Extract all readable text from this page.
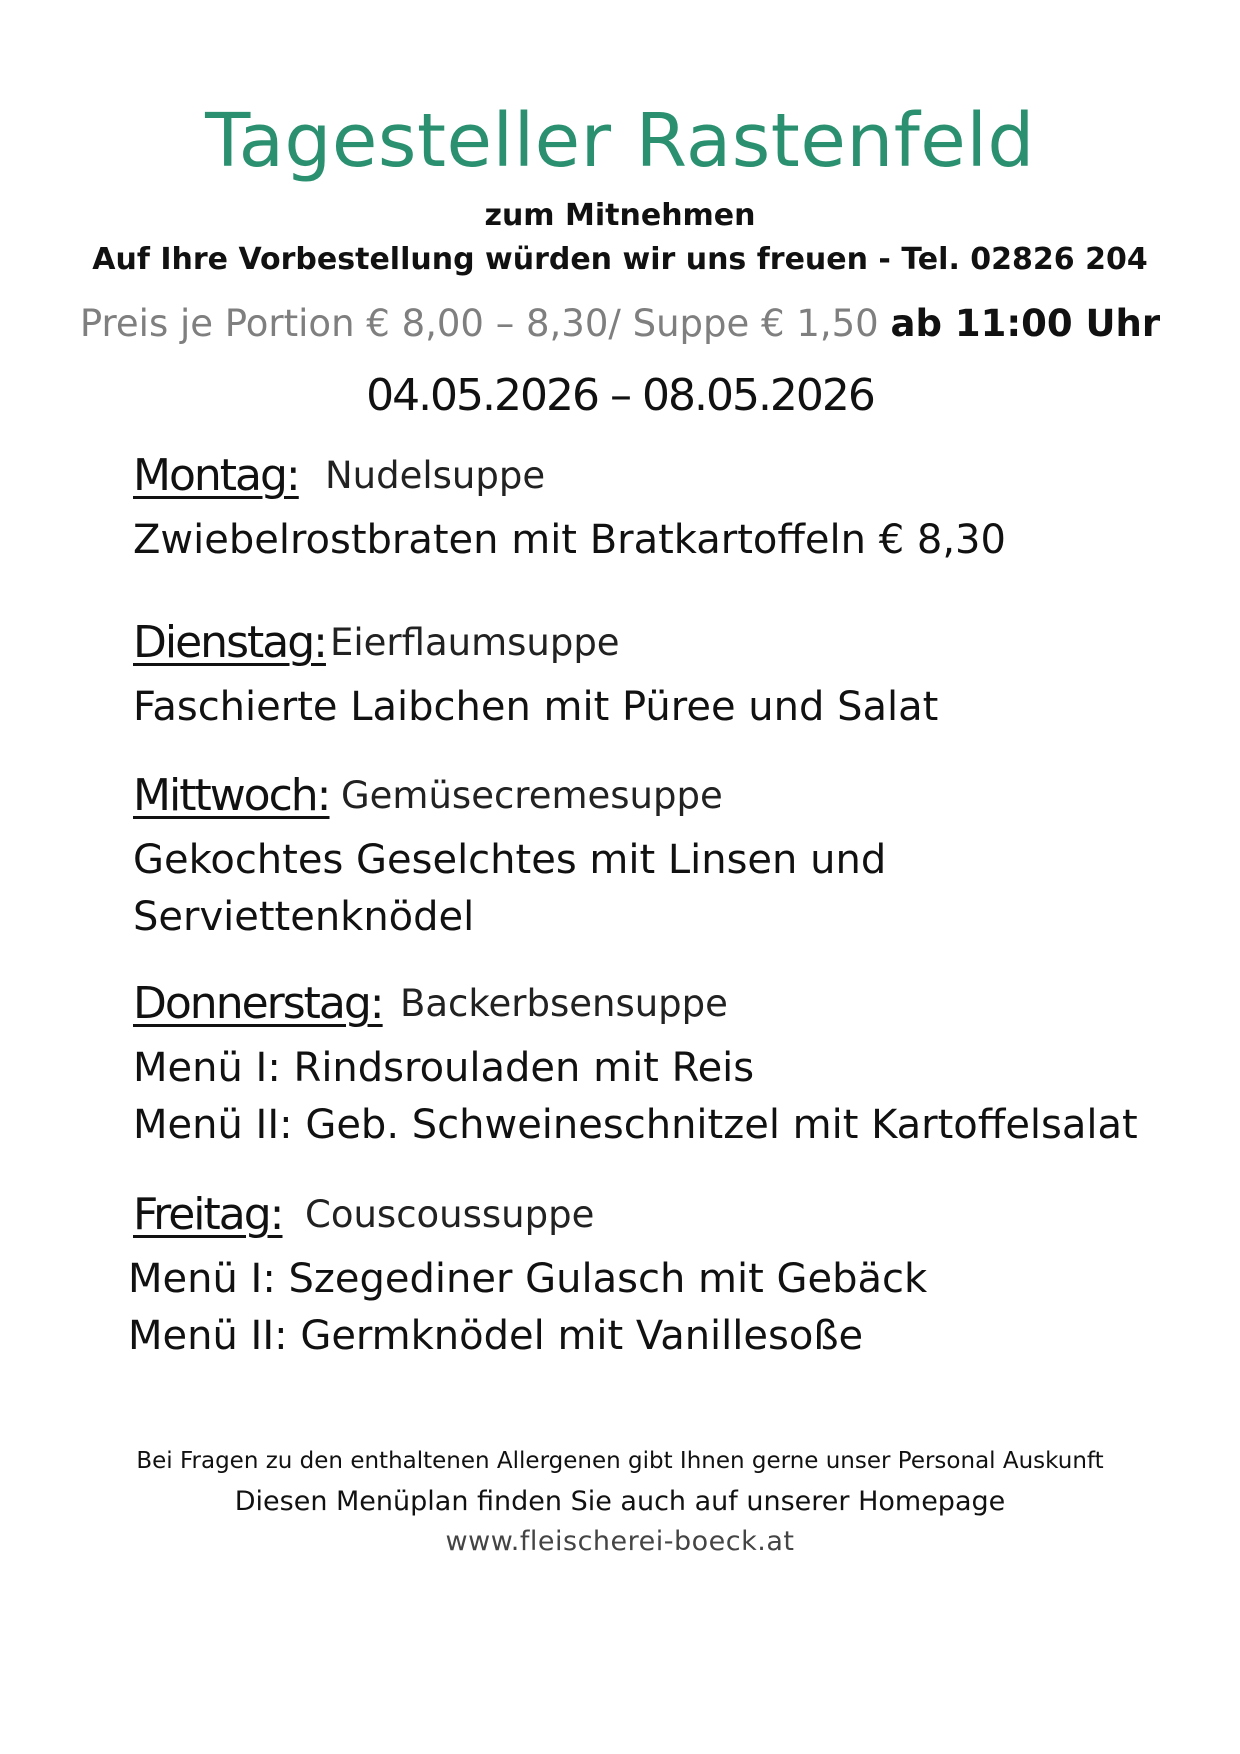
Tagesteller Rastenfeld
zum Mitnehmen
Auf Ihre Vorbestellung würden wir uns freuen - Tel. 02826 204
Preis je Portion € 8,00 – 8,30/ Suppe € 1,50 ab 11:00 Uhr
04.05.2026 – 08.05.2026
Montag: Nudelsuppe
Zwiebelrostbraten mit Bratkartoffeln € 8,30
Dienstag: Eierflaumsuppe
Faschierte Laibchen mit Püree und Salat
Mittwoch: Gemüsecremesuppe
Gekochtes Geselchtes mit Linsen und
Serviettenknödel
Donnerstag: Backerbsensuppe
Menü I: Rindsrouladen mit Reis
Menü II: Geb. Schweineschnitzel mit Kartoffelsalat
Freitag: Couscoussuppe
Menü I: Szegediner Gulasch mit Gebäck
Menü II: Germknödel mit Vanillesoße
Bei Fragen zu den enthaltenen Allergenen gibt Ihnen gerne unser Personal Auskunft
Diesen Menüplan finden Sie auch auf unserer Homepage
www.fleischerei-boeck.at
